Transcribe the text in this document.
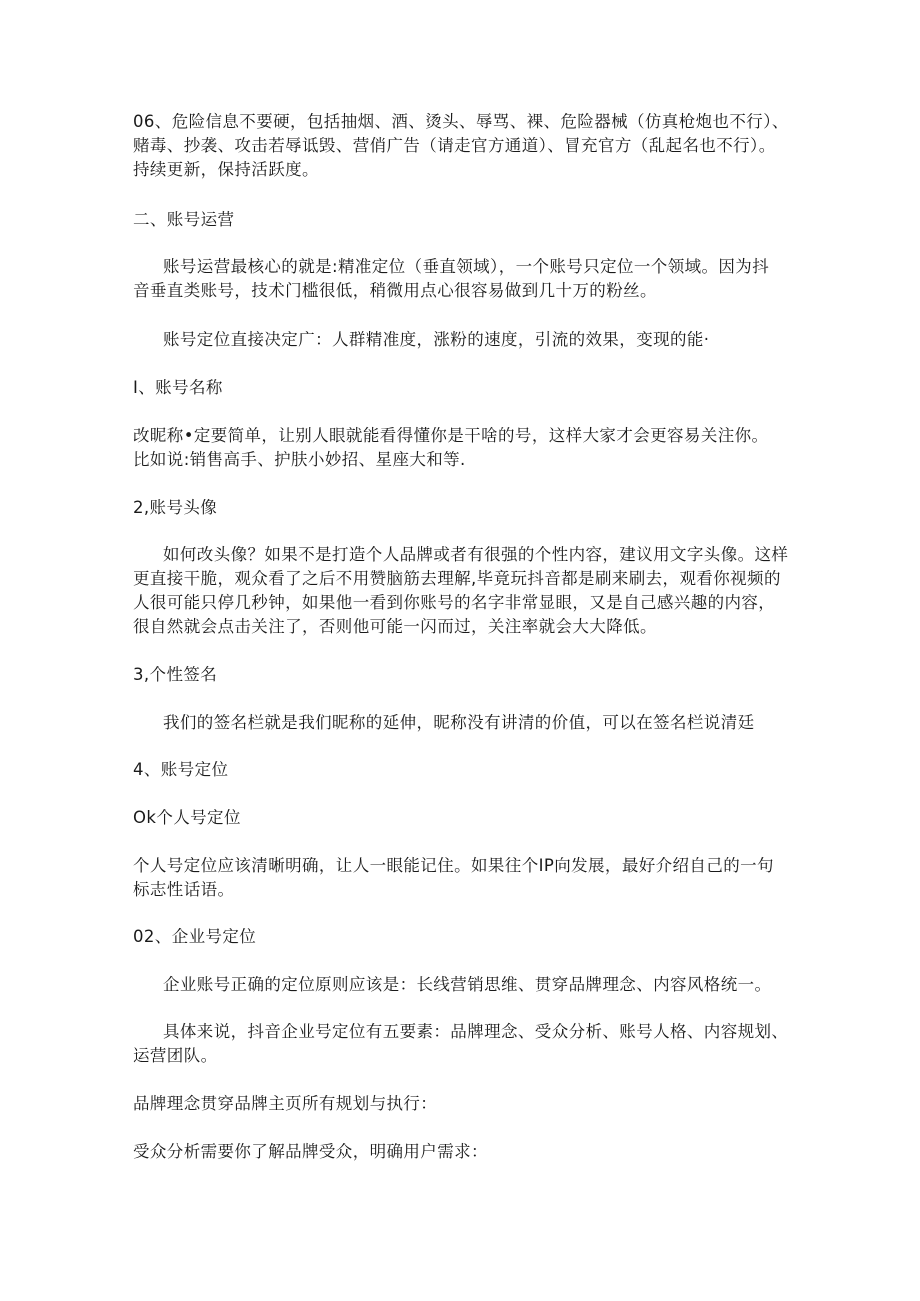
06、危险信息不要硬，包括抽烟、酒、烫头、辱骂、裸、危险器械（仿真枪炮也不行）、
赌毒、抄袭、攻击若辱诋毁、营俏广告（请走官方通道）、冒充官方（乱起名也不行）。
持续更新，保持活跃度。
二、账号运营
账号运营最核心的就是:精准定位（垂直领域），一个账号只定位一个领域。因为抖
音垂直类账号，技术门槛很低，稍微用点心很容易做到几十万的粉丝。
账号定位直接决定广：人群精准度，涨粉的速度，引流的效果，变现的能·
I、账号名称
改昵称•定要简单，让别人眼就能看得懂你是干啥的号，这样大家才会更容易关注你。
比如说:销售高手、护肤小妙招、星座大和等.
2,账号头像
如何改头像？如果不是打造个人品牌或者有很强的个性内容，建议用文字头像。这样
更直接干脆，观众看了之后不用赞脑筋去理解,毕竟玩抖音都是刷来刷去，观看你视频的
人很可能只停几秒钟，如果他一看到你账号的名字非常显眼，又是自己感兴趣的内容，
很自然就会点击关注了，否则他可能一闪而过，关注率就会大大降低。
3,个性签名
我们的签名栏就是我们昵称的延伸，昵称没有讲清的价值，可以在签名栏说清廷
4、账号定位
Ok个人号定位
个人号定位应该清晰明确，让人一眼能记住。如果往个IP向发展，最好介绍自己的一句
标志性话语。
02、企业号定位
企业账号正确的定位原则应该是：长线营销思维、贯穿品牌理念、内容风格统一。
具体来说，抖音企业号定位有五要素：品牌理念、受众分析、账号人格、内容规划、
运营团队。
品牌理念贯穿品牌主页所有规划与执行：
受众分析需要你了解品牌受众，明确用户需求：
